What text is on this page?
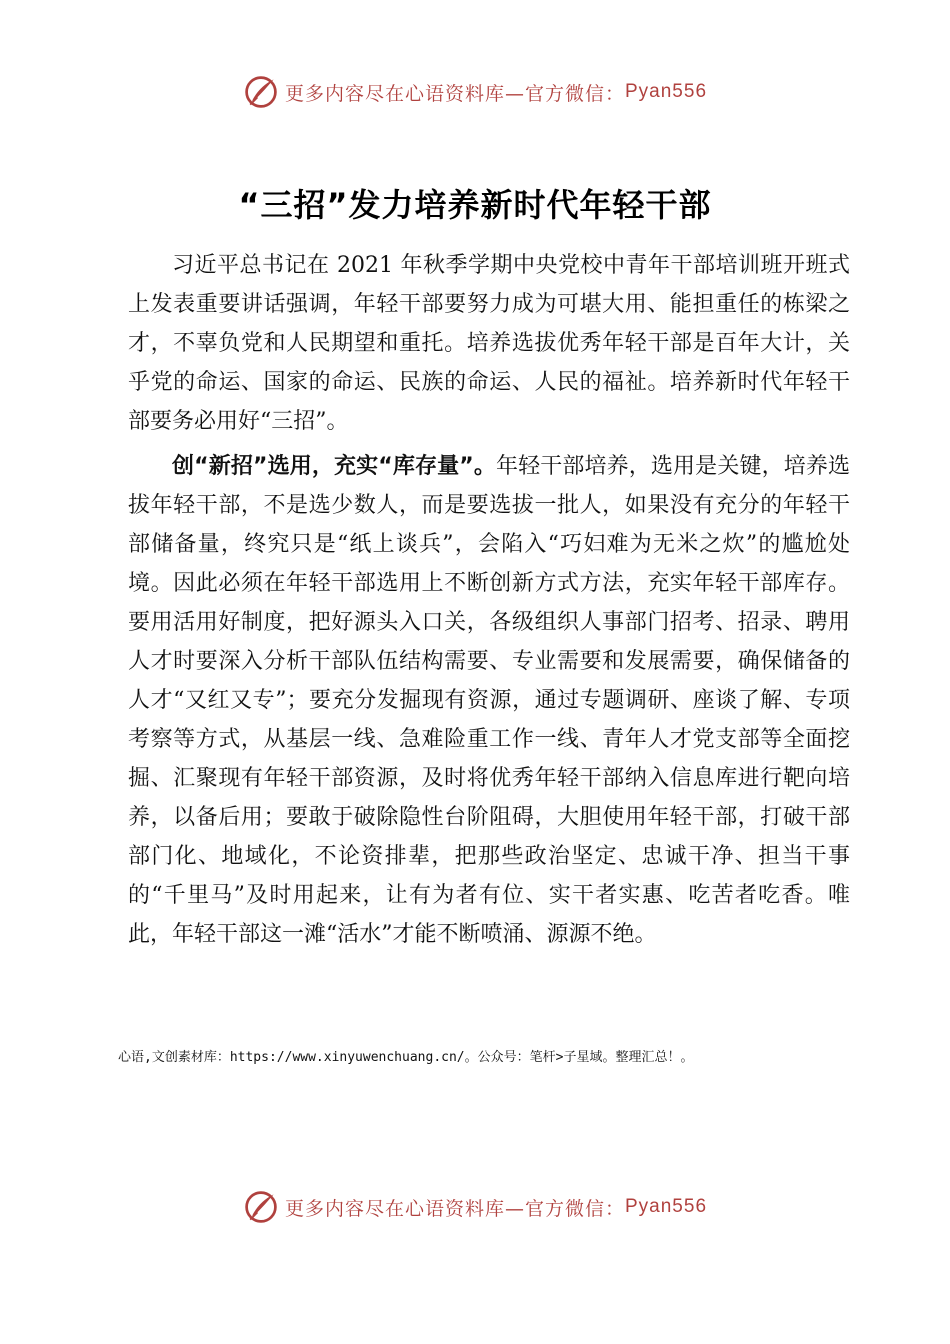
更多内容尽在心语资料库—官方微信： Pyan556
“三招”发力培养新时代年轻干部

习近平总书记在 2021 年秋季学期中央党校中青年干部培训班开班式上发表重要讲话强调，年轻干部要努力成为可堪大用、能担重任的栋梁之才，不辜负党和人民期望和重托。培养选拔优秀年轻干部是百年大计，关乎党的命运、国家的命运、民族的命运、人民的福祉。培养新时代年轻干部要务必用好“三招”。

创“新招”选用，充实“库存量”。年轻干部培养，选用是关键，培养选拔年轻干部，不是选少数人，而是要选拔一批人，如果没有充分的年轻干部储备量，终究只是“纸上谈兵”，会陷入“巧妇难为无米之炊”的尴尬处境。因此必须在年轻干部选用上不断创新方式方法，充实年轻干部库存。要用活用好制度，把好源头入口关，各级组织人事部门招考、招录、聘用人才时要深入分析干部队伍结构需要、专业需要和发展需要，确保储备的人才“又红又专”；要充分发掘现有资源，通过专题调研、座谈了解、专项考察等方式，从基层一线、急难险重工作一线、青年人才党支部等全面挖掘、汇聚现有年轻干部资源，及时将优秀年轻干部纳入信息库进行靶向培养，以备后用；要敢于破除隐性台阶阻碍，大胆使用年轻干部，打破干部部门化、地域化，不论资排辈，把那些政治坚定、忠诚干净、担当干事的“千里马”及时用起来，让有为者有位、实干者实惠、吃苦者吃香。唯此，年轻干部这一滩“活水”才能不断喷涌、源源不绝。

心语,文创素材库：https://www.xinyuwenchuang.cn/。公众号：笔杆>子星域。整理汇总！。
更多内容尽在心语资料库—官方微信： Pyan556
